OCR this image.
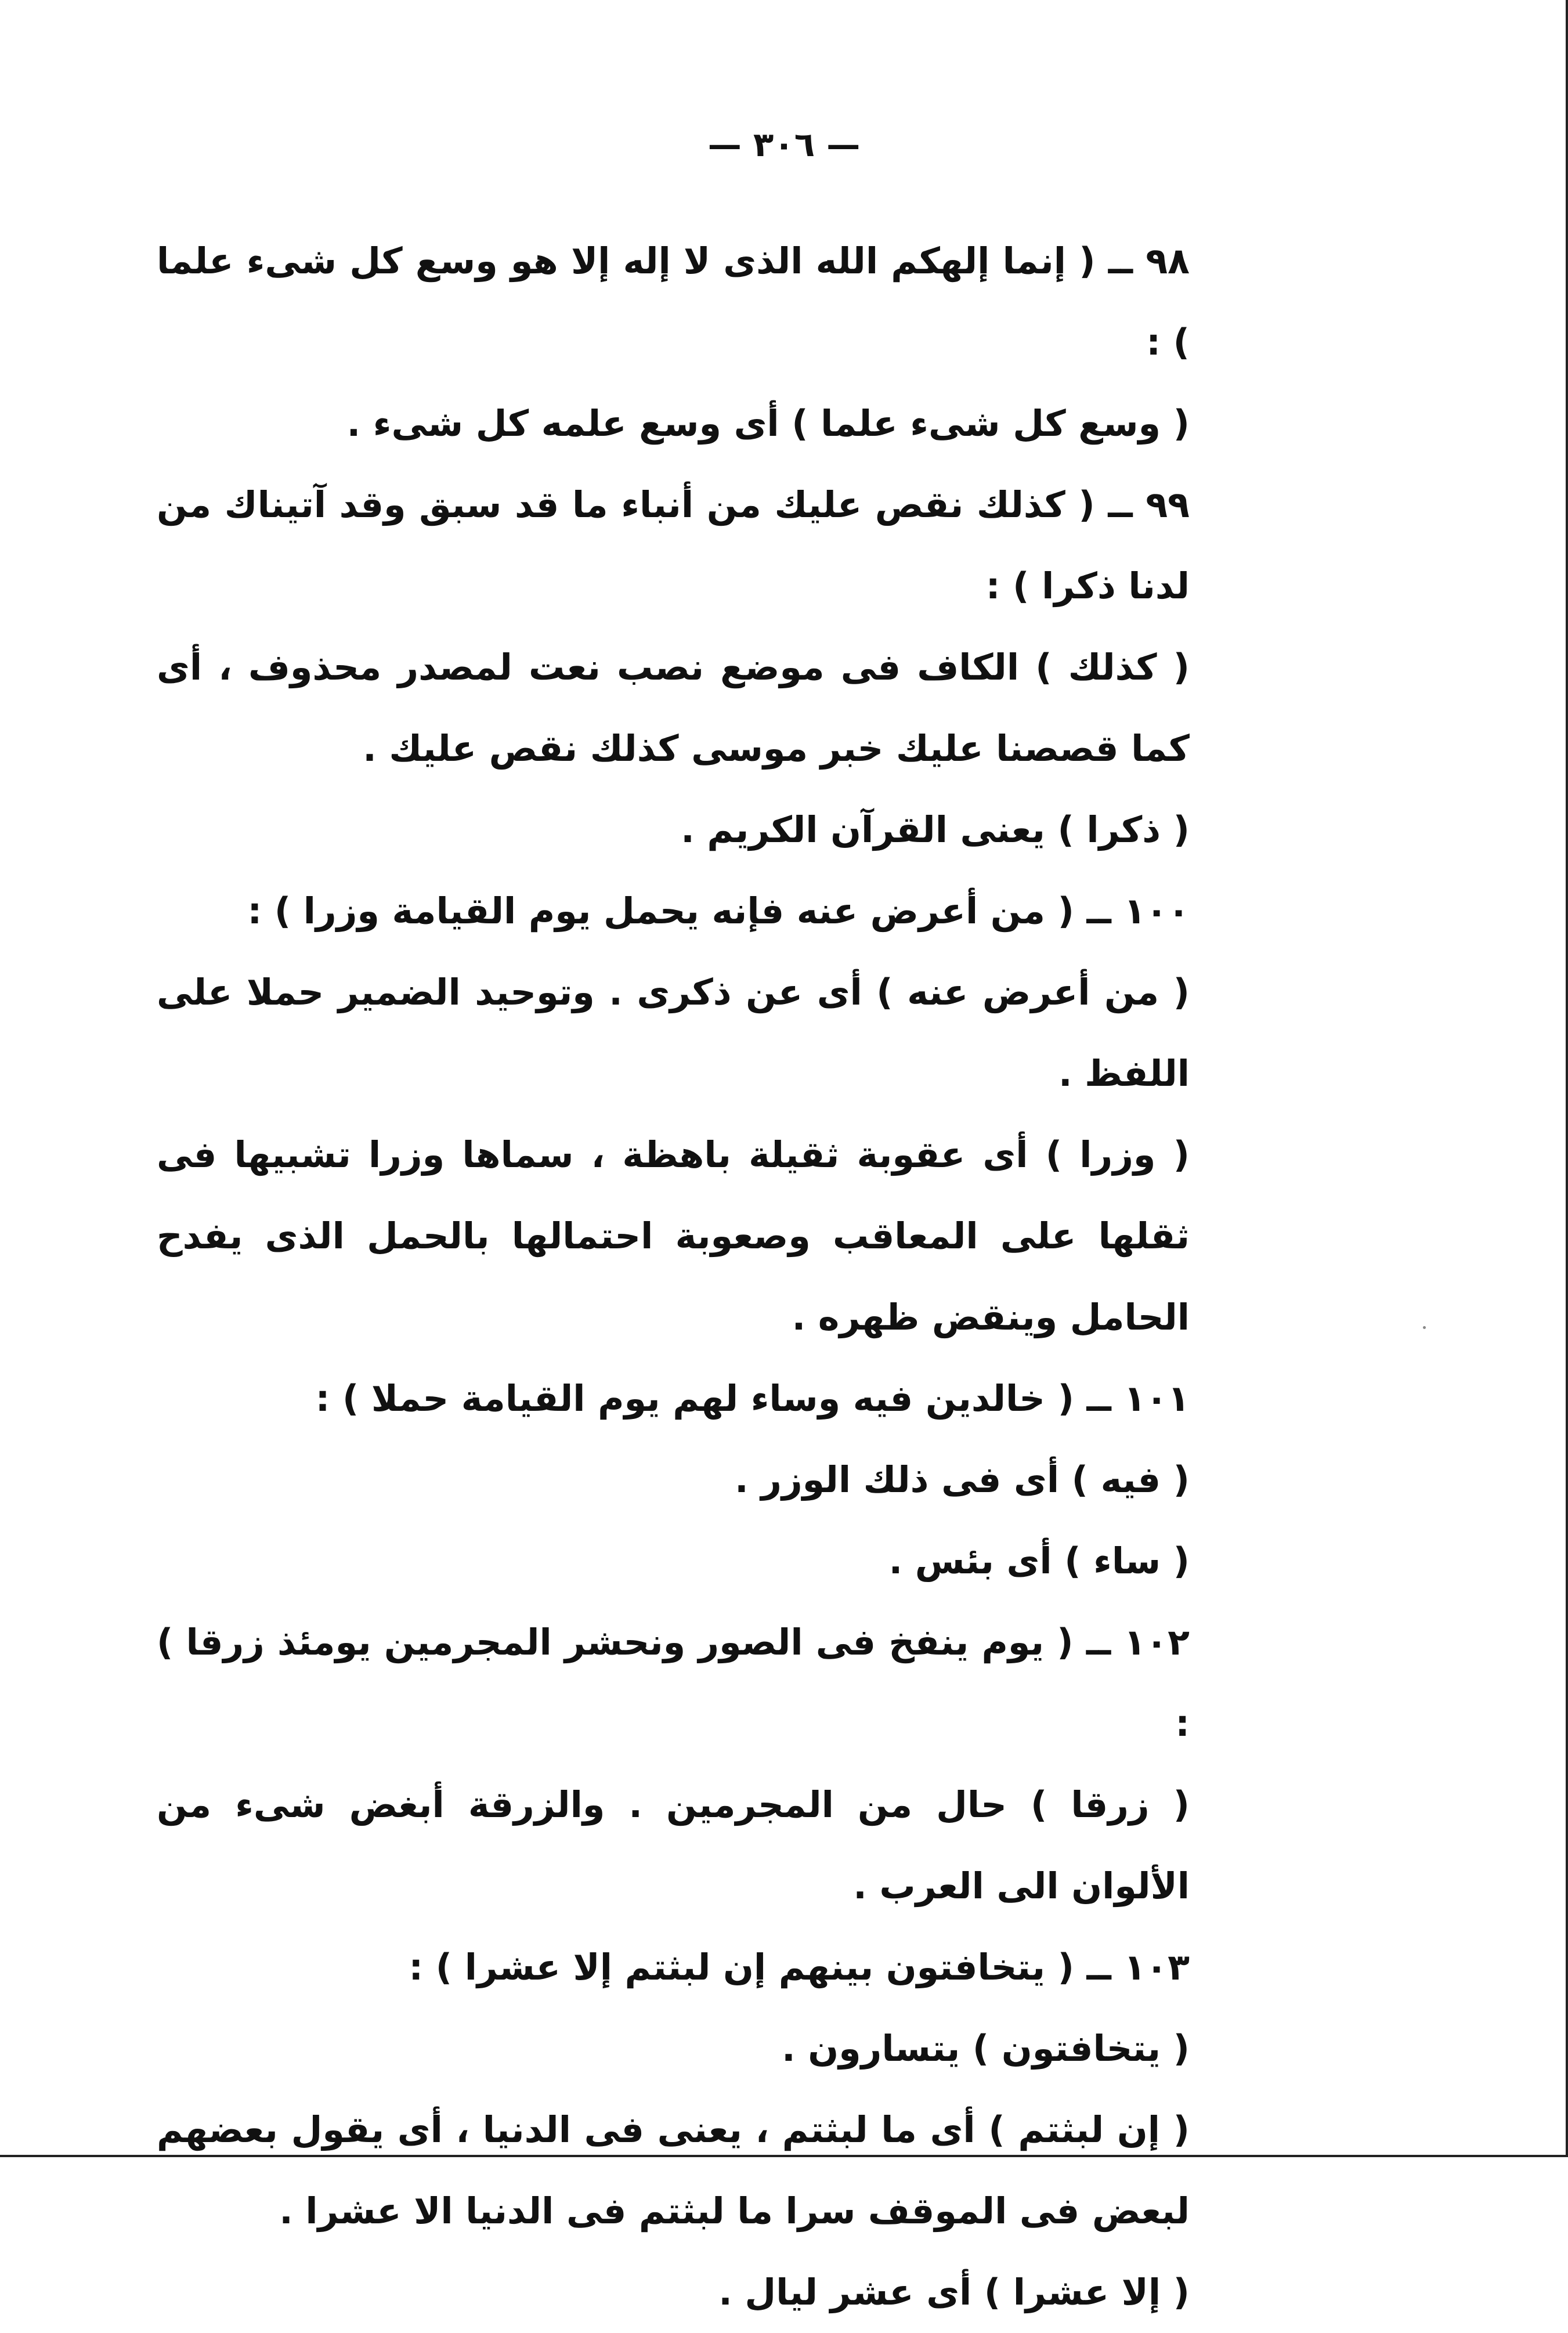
— ٣٠٦ —

٩٨ ــ ( إنما إلهكم الله الذى لا إله إلا هو وسع كل شىء علما ) :

( وسع كل شىء علما ) أى وسع علمه كل شىء .

٩٩ ــ ( كذلك نقص عليك من أنباء ما قد سبق وقد آتيناك من لدنا ذكرا ) :

( كذلك ) الكاف فى موضع نصب نعت لمصدر محذوف ، أى كما قصصنا عليك خبر موسى كذلك نقص عليك .

( ذكرا ) يعنى القرآن الكريم .

١٠٠ ــ ( من أعرض عنه فإنه يحمل يوم القيامة وزرا ) :

( من أعرض عنه ) أى عن ذكرى . وتوحيد الضمير حملا على اللفظ .

( وزرا ) أى عقوبة ثقيلة باهظة ، سماها وزرا تشبيها فى ثقلها على المعاقب وصعوبة احتمالها بالحمل الذى يفدح الحامل وينقض ظهره .

١٠١ ــ ( خالدين فيه وساء لهم يوم القيامة حملا ) :

( فيه ) أى فى ذلك الوزر .

( ساء ) أى بئس .

١٠٢ ــ ( يوم ينفخ فى الصور ونحشر المجرمين يومئذ زرقا ) :

( زرقا ) حال من المجرمين . والزرقة أبغض شىء من الألوان الى العرب .

١٠٣ ــ ( يتخافتون بينهم إن لبثتم إلا عشرا ) :

( يتخافتون ) يتسارون .

( إن لبثتم ) أى ما لبثتم ، يعنى فى الدنيا ، أى يقول بعضهم لبعض فى الموقف سرا ما لبثتم فى الدنيا الا عشرا .

( إلا عشرا ) أى عشر ليال .
